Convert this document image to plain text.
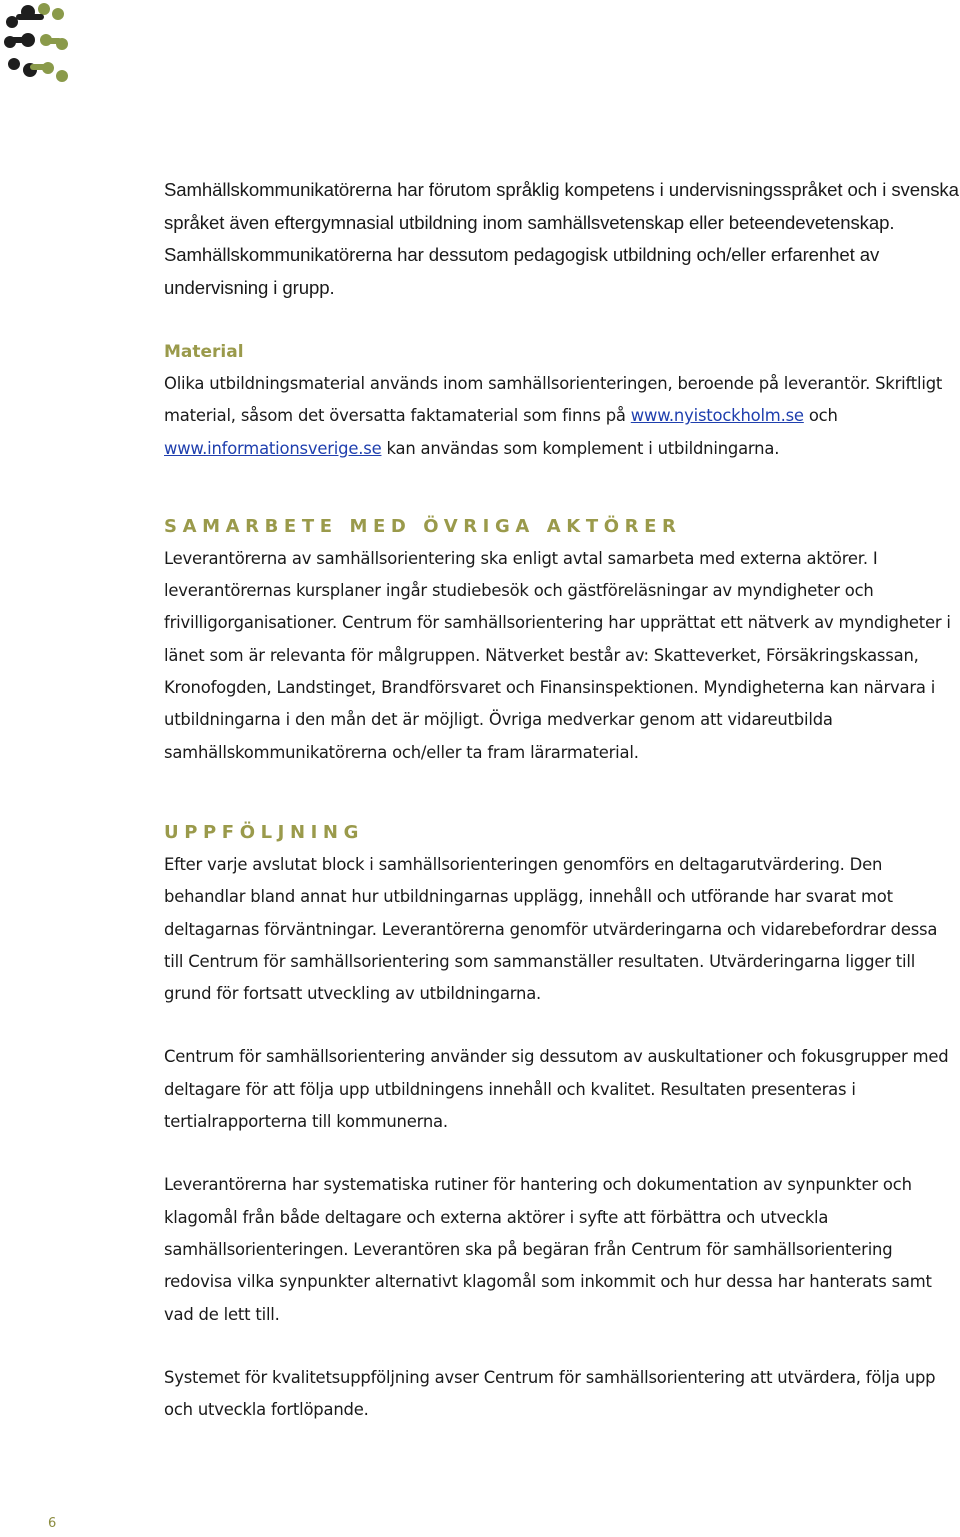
Samhällskommunikatörerna har förutom språklig kompetens i undervisningsspråket och i svenska språket även eftergymnasial utbildning inom samhällsvetenskap eller beteendevetenskap. Samhällskommunikatörerna har dessutom pedagogisk utbildning och/eller erfarenhet av undervisning i grupp.

Material

Olika utbildningsmaterial används inom samhällsorienteringen, beroende på leverantör. Skriftligt material, såsom det översatta faktamaterial som finns på www.nyistockholm.se och www.informationsverige.se kan användas som komplement i utbildningarna.

SAMARBETE MED ÖVRIGA AKTÖRER

Leverantörerna av samhällsorientering ska enligt avtal samarbeta med externa aktörer. I leverantörernas kursplaner ingår studiebesök och gästföreläsningar av myndigheter och frivilligorganisationer. Centrum för samhällsorientering har upprättat ett nätverk av myndigheter i länet som är relevanta för målgruppen. Nätverket består av: Skatteverket, Försäkringskassan, Kronofogden, Landstinget, Brandförsvaret och Finansinspektionen. Myndigheterna kan närvara i utbildningarna i den mån det är möjligt. Övriga medverkar genom att vidareutbilda samhällskommunikatörerna och/eller ta fram lärarmaterial.

UPPFÖLJNING

Efter varje avslutat block i samhällsorienteringen genomförs en deltagarutvärdering. Den behandlar bland annat hur utbildningarnas upplägg, innehåll och utförande har svarat mot deltagarnas förväntningar. Leverantörerna genomför utvärderingarna och vidarebefordrar dessa till Centrum för samhällsorientering som sammanställer resultaten. Utvärderingarna ligger till grund för fortsatt utveckling av utbildningarna.

Centrum för samhällsorientering använder sig dessutom av auskultationer och fokusgrupper med deltagare för att följa upp utbildningens innehåll och kvalitet. Resultaten presenteras i tertialrapporterna till kommunerna.

Leverantörerna har systematiska rutiner för hantering och dokumentation av synpunkter och klagomål från både deltagare och externa aktörer i syfte att förbättra och utveckla samhällsorienteringen. Leverantören ska på begäran från Centrum för samhällsorientering redovisa vilka synpunkter alternativt klagomål som inkommit och hur dessa har hanterats samt vad de lett till.

Systemet för kvalitetsuppföljning avser Centrum för samhällsorientering att utvärdera, följa upp och utveckla fortlöpande.

6
